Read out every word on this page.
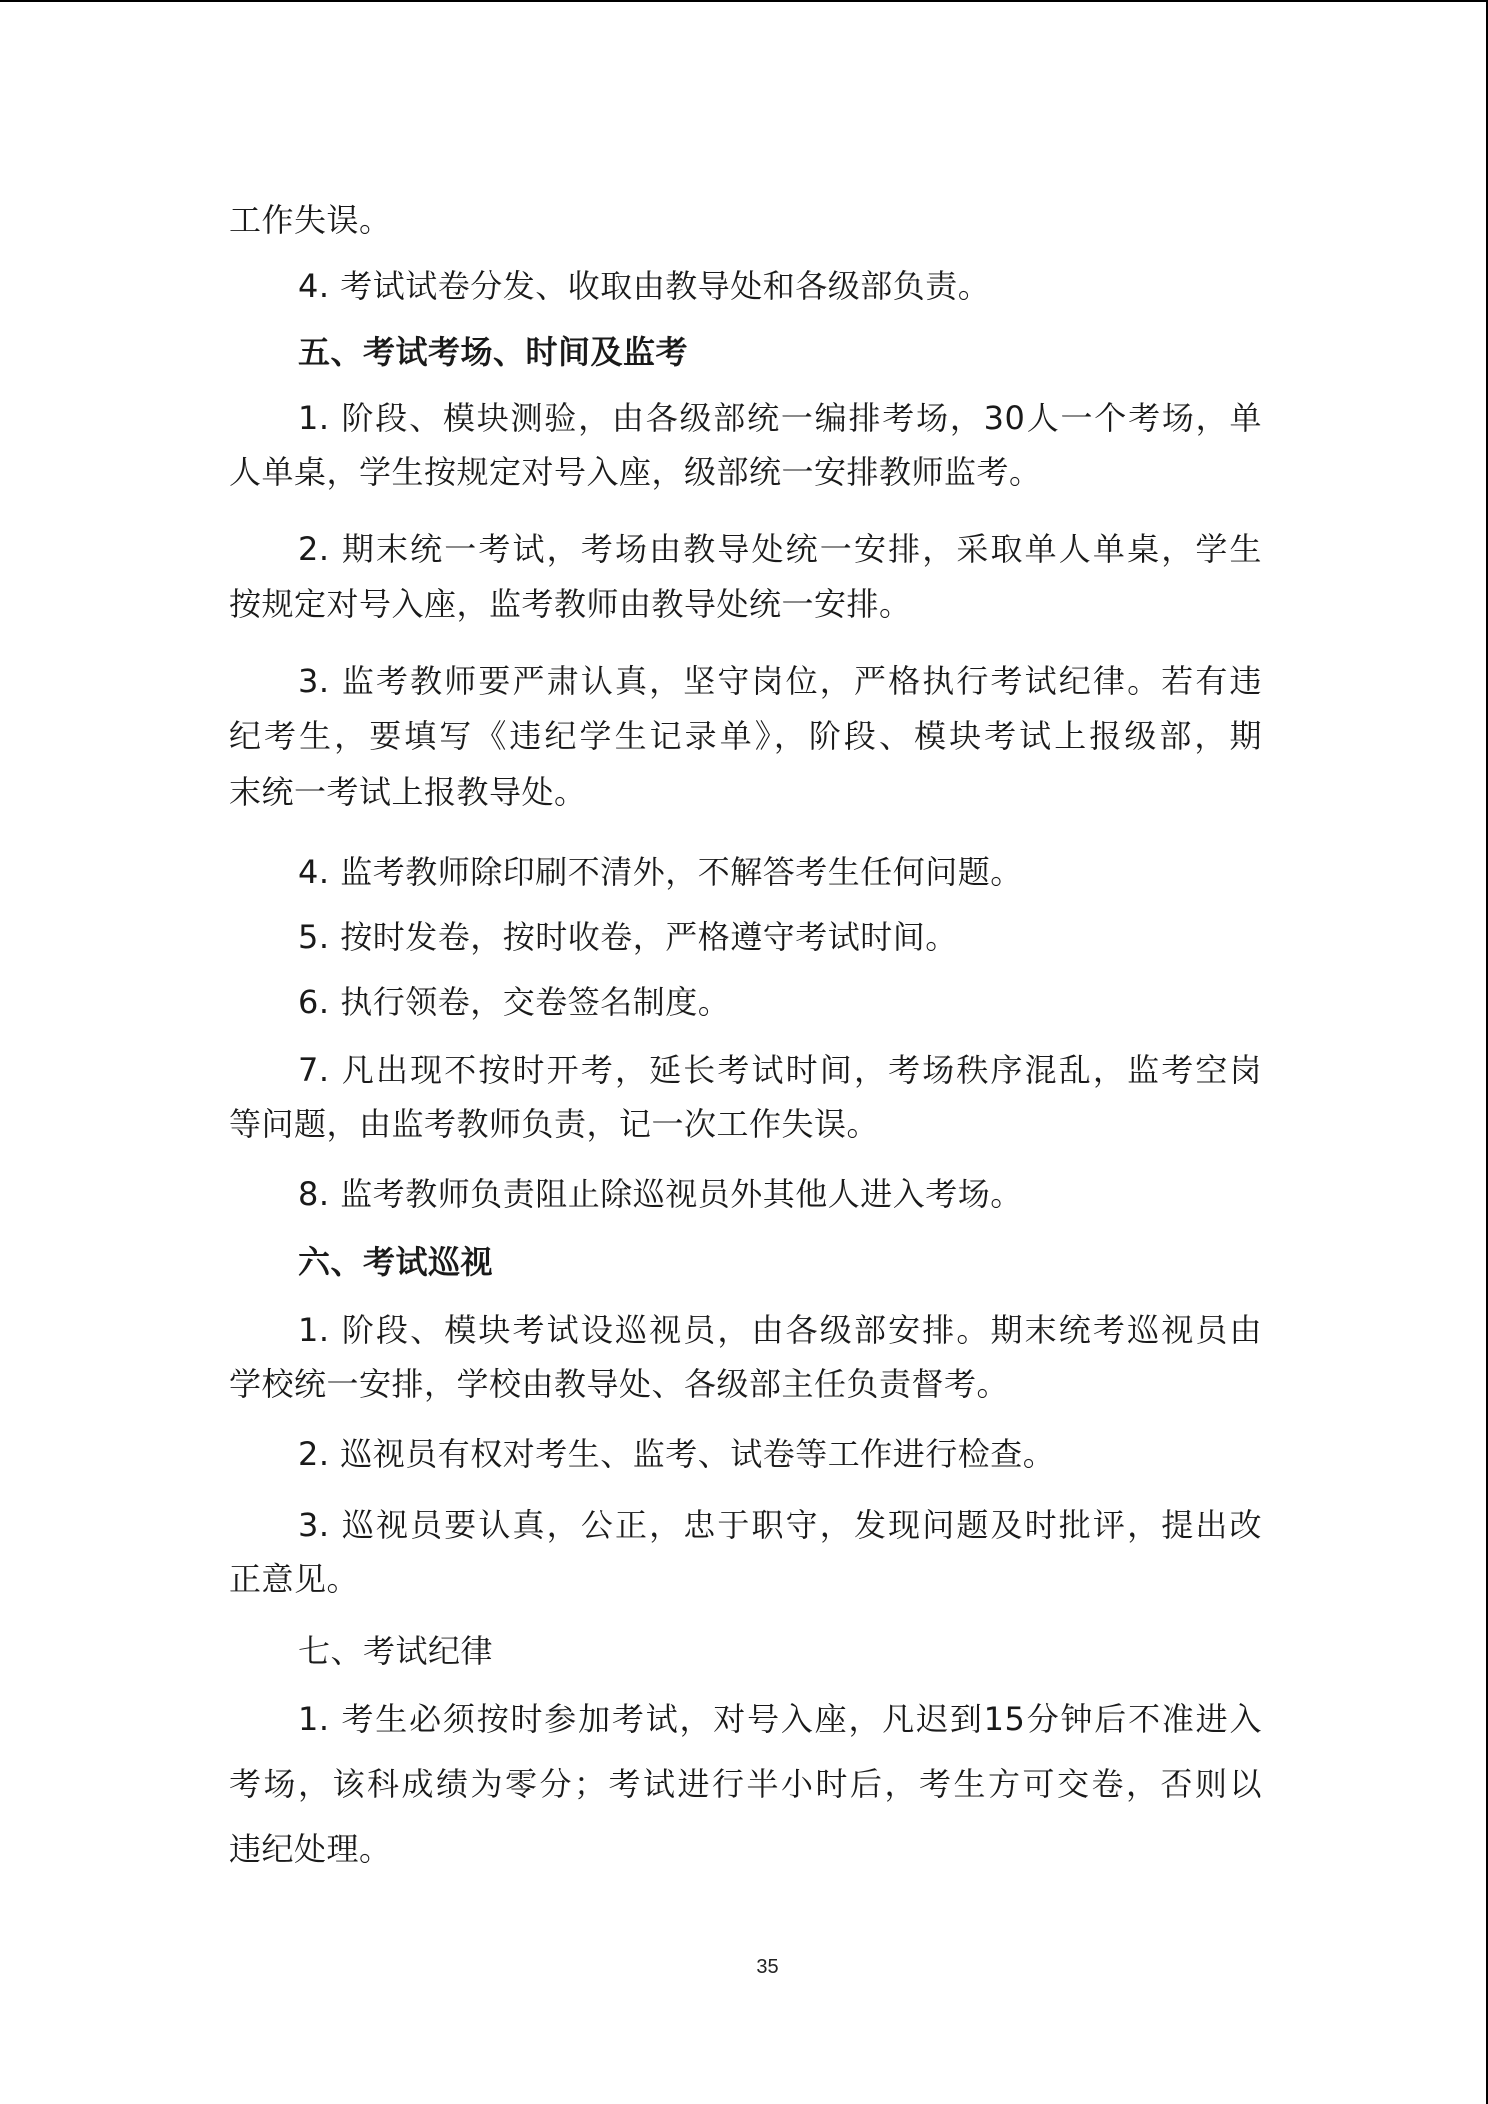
工作失误。

4. 考试试卷分发、收取由教导处和各级部负责。

五、考试考场、时间及监考

1. 阶段、模块测验，由各级部统一编排考场，30人一个考场，单

人单桌，学生按规定对号入座，级部统一安排教师监考。

2. 期末统一考试，考场由教导处统一安排，采取单人单桌，学生

按规定对号入座，监考教师由教导处统一安排。

3. 监考教师要严肃认真，坚守岗位，严格执行考试纪律。若有违

纪考生，要填写《违纪学生记录单》，阶段、模块考试上报级部，期

末统一考试上报教导处。

4. 监考教师除印刷不清外，不解答考生任何问题。

5. 按时发卷，按时收卷，严格遵守考试时间。

6. 执行领卷，交卷签名制度。

7. 凡出现不按时开考，延长考试时间，考场秩序混乱，监考空岗

等问题，由监考教师负责，记一次工作失误。

8. 监考教师负责阻止除巡视员外其他人进入考场。

六、考试巡视

1. 阶段、模块考试设巡视员，由各级部安排。期末统考巡视员由

学校统一安排，学校由教导处、各级部主任负责督考。

2. 巡视员有权对考生、监考、试卷等工作进行检查。

3. 巡视员要认真，公正，忠于职守，发现问题及时批评，提出改

正意见。

七、考试纪律

1. 考生必须按时参加考试，对号入座，凡迟到15分钟后不准进入

考场，该科成绩为零分；考试进行半小时后，考生方可交卷，否则以

违纪处理。

35
